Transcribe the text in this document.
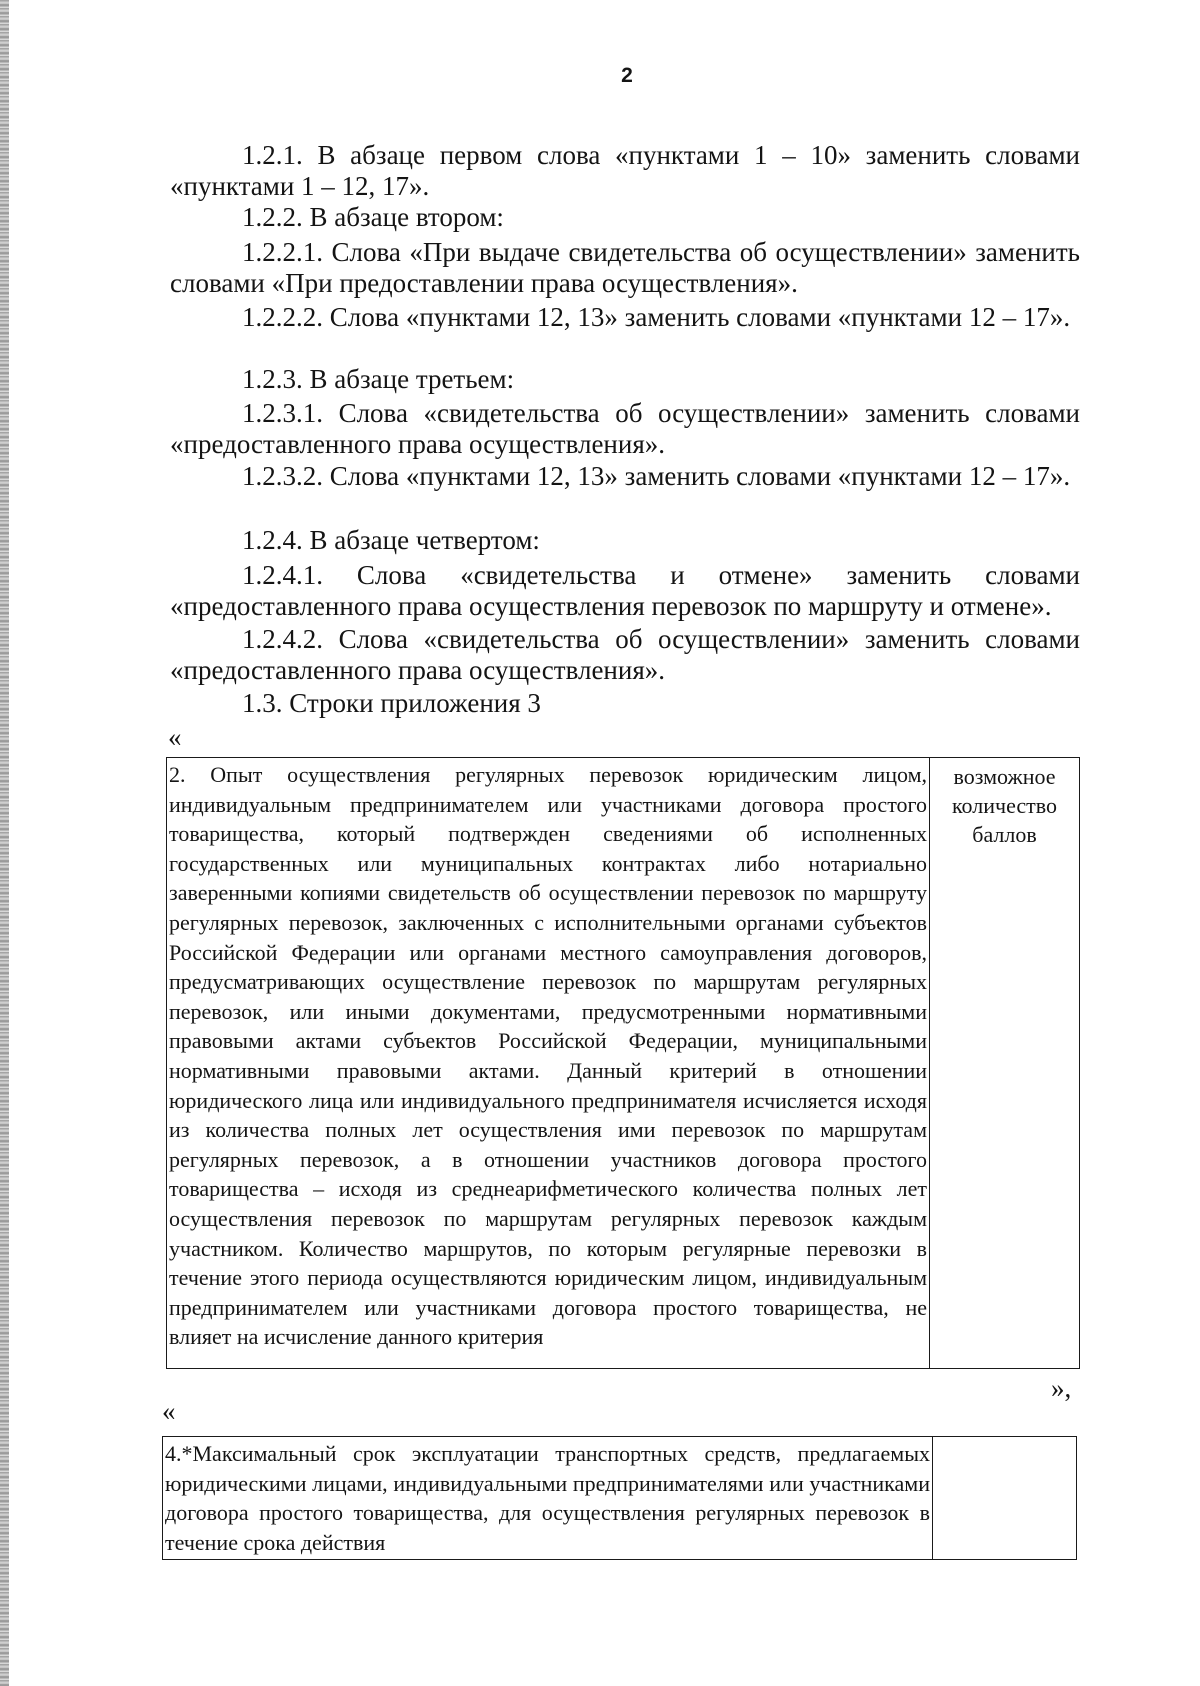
2
1.2.1. В абзаце первом слова «пунктами 1 – 10» заменить словами «пунктами 1 – 12, 17».
1.2.2. В абзаце втором:
1.2.2.1. Слова «При выдаче свидетельства об осуществлении» заменить словами «При предоставлении права осуществления».
1.2.2.2. Слова «пунктами 12, 13» заменить словами «пунктами 12 – 17».
1.2.3. В абзаце третьем:
1.2.3.1. Слова «свидетельства об осуществлении» заменить словами «предоставленного права осуществления».
1.2.3.2. Слова «пунктами 12, 13» заменить словами «пунктами 12 – 17».
1.2.4. В абзаце четвертом:
1.2.4.1. Слова «свидетельства и отмене» заменить словами «предоставленного права осуществления перевозок по маршруту и отмене».
1.2.4.2. Слова «свидетельства об осуществлении» заменить словами «предоставленного права осуществления».
1.3. Строки приложения 3
«
2. Опыт осуществления регулярных перевозок юридическим лицом, индивидуальным предпринимателем или участниками договора простого товарищества, который подтвержден сведениями об исполненных государственных или муниципальных контрактах либо нотариально заверенными копиями свидетельств об осуществлении перевозок по маршруту регулярных перевозок, заключенных с исполнительными органами субъектов Российской Федерации или органами местного самоуправления договоров, предусматривающих осуществление перевозок по маршрутам регулярных перевозок, или иными документами, предусмотренными нормативными правовыми актами субъектов Российской Федерации, муниципальными нормативными правовыми актами. Данный критерий в отношении юридического лица или индивидуального предпринимателя исчисляется исходя из количества полных лет осуществления ими перевозок по маршрутам регулярных перевозок, а в отношении участников договора простого товарищества – исходя из среднеарифметического количества полных лет осуществления перевозок по маршрутам регулярных перевозок каждым участником. Количество маршрутов, по которым регулярные перевозки в течение этого периода осуществляются юридическим лицом, индивидуальным предпринимателем или участниками договора простого товарищества, не влияет на исчисление данного критерия	возможное количество баллов
»,
«
4.*Максимальный срок эксплуатации транспортных средств, предлагаемых юридическими лицами, индивидуальными предпринимателями или участниками договора простого товарищества, для осуществления регулярных перевозок в течение срока действия	
